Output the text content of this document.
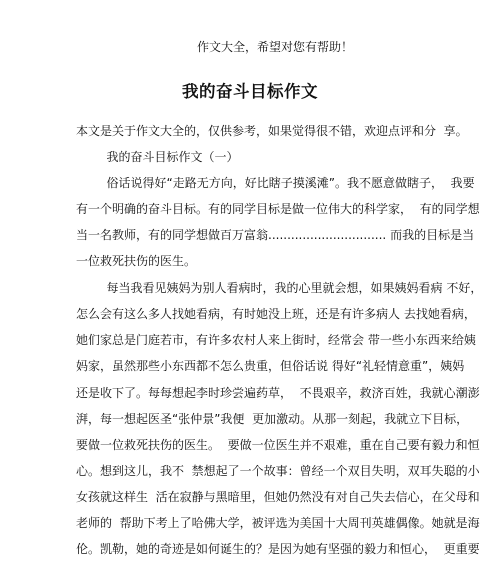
作文大全，希望对您有帮助！
我的奋斗目标作文
本文是关于作文大全的，仅供参考，如果觉得很不错，欢迎点评和分  享。
我的奋斗目标作文（一）
俗话说得好“走路无方向，好比瞎子摸溪滩”。我不愿意做瞎子，  我要
有一个明确的奋斗目标。有的同学目标是做一位伟大的科学家，  有的同学想
当一名教师，有的同学想做百万富翁............................... 而我的目标是当
一位救死扶伤的医生。
每当我看见姨妈为别人看病时，我的心里就会想，如果姨妈看病 不好，
怎么会有这么多人找她看病，有时她没上班，还是有许多病人 去找她看病，
她们家总是门庭若市，有许多农村人来上街时，经常会 带一些小东西来给姨
妈家，虽然那些小东西都不怎么贵重，但俗话说 得好“礼轻情意重”，姨妈
还是收下了。每每想起李时珍尝遍药草，  不畏艰辛，救济百姓，我就心潮澎
湃，每一想起医圣“张仲景”我便  更加激动。从那一刻起，我就立下目标，
要做一位救死扶伤的医生。  要做一位医生并不艰难，重在自己要有毅力和恒
心。想到这儿，我不  禁想起了一个故事：曾经一个双目失明，双耳失聪的小
女孩就这样生  活在寂静与黑暗里，但她仍然没有对自己失去信心，在父母和
老师的  帮助下考上了哈佛大学，被评选为美国十大周刊英雄偶像。她就是海
伦。凯勒，她的奇迹是如何诞生的？是因为她有坚强的毅力和恒心，  更重要
